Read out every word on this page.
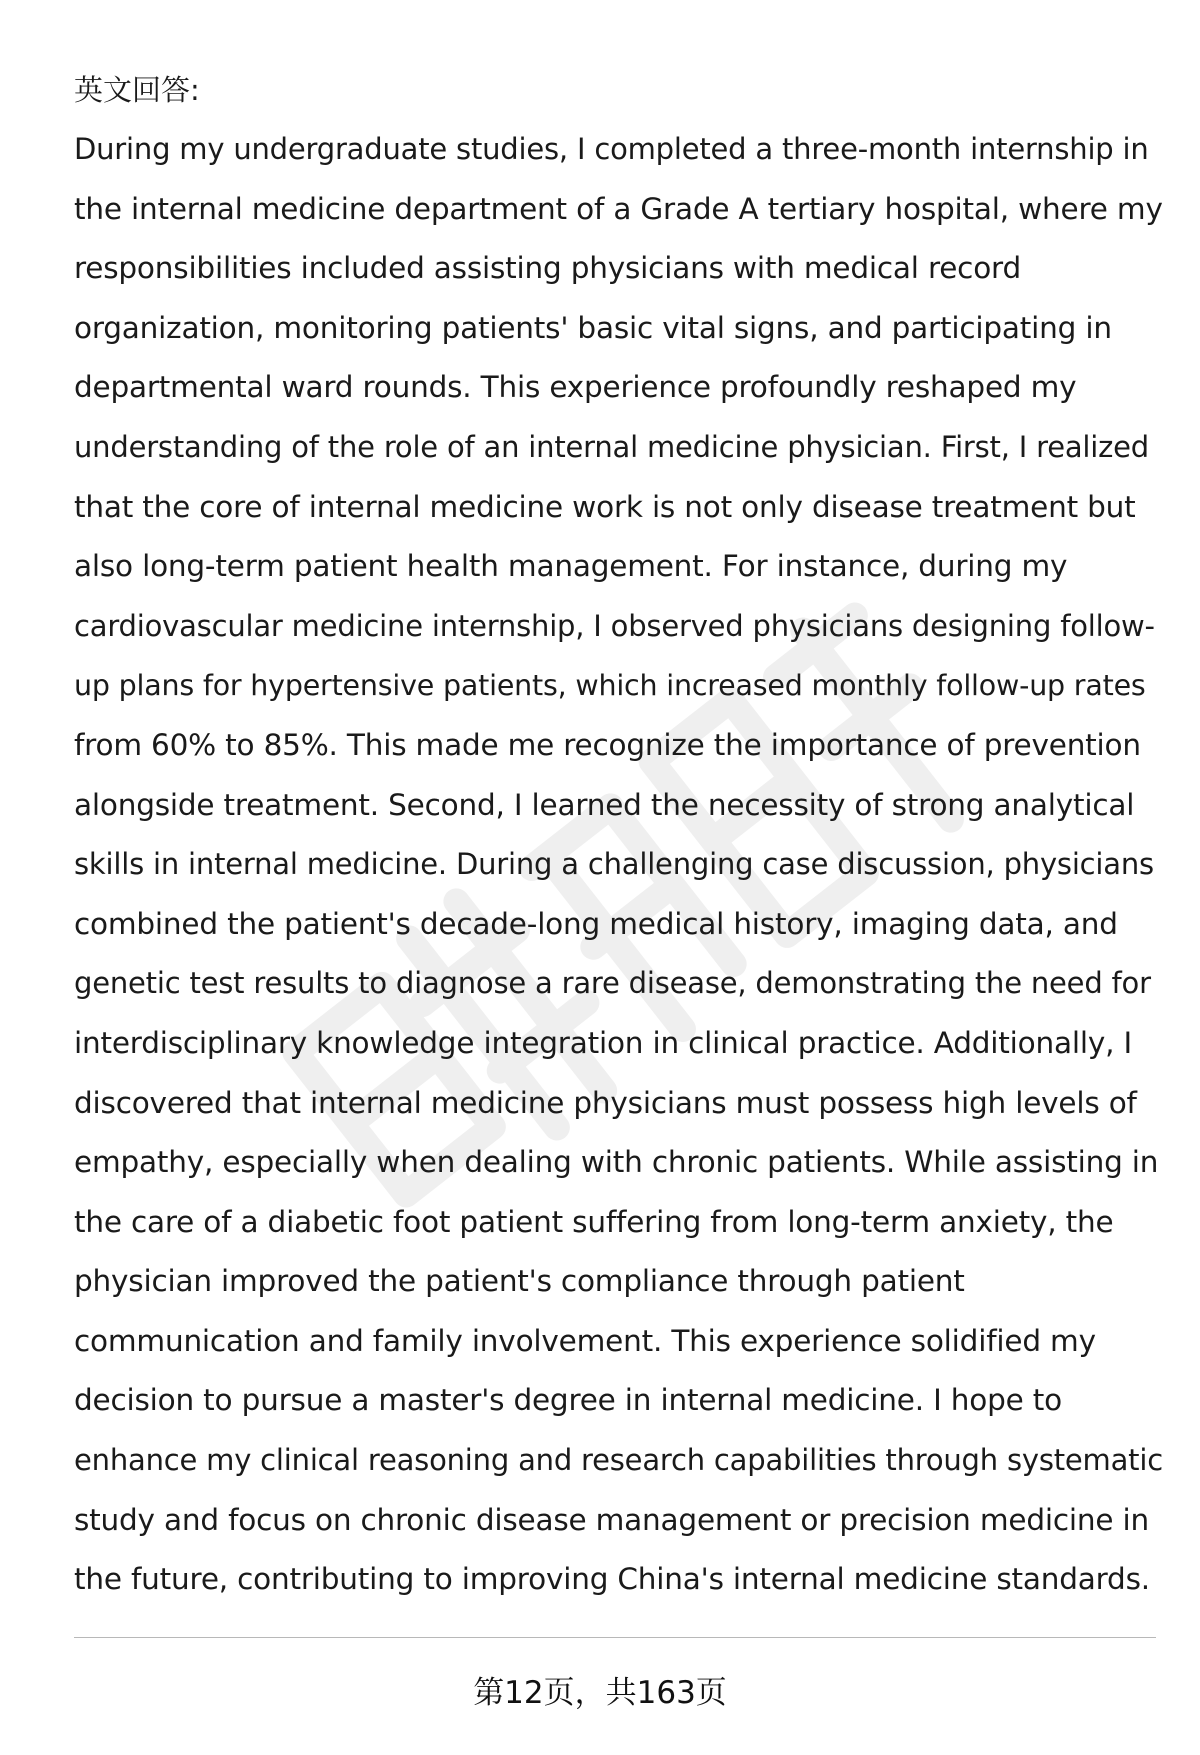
英文回答:
During my undergraduate studies, I completed a three-month internship in
the internal medicine department of a Grade A tertiary hospital, where my
responsibilities included assisting physicians with medical record
organization, monitoring patients' basic vital signs, and participating in
departmental ward rounds. This experience profoundly reshaped my
understanding of the role of an internal medicine physician. First, I realized
that the core of internal medicine work is not only disease treatment but
also long-term patient health management. For instance, during my
cardiovascular medicine internship, I observed physicians designing follow-
up plans for hypertensive patients, which increased monthly follow-up rates
from 60% to 85%. This made me recognize the importance of prevention
alongside treatment. Second, I learned the necessity of strong analytical
skills in internal medicine. During a challenging case discussion, physicians
combined the patient's decade-long medical history, imaging data, and
genetic test results to diagnose a rare disease, demonstrating the need for
interdisciplinary knowledge integration in clinical practice. Additionally, I
discovered that internal medicine physicians must possess high levels of
empathy, especially when dealing with chronic patients. While assisting in
the care of a diabetic foot patient suffering from long-term anxiety, the
physician improved the patient's compliance through patient
communication and family involvement. This experience solidified my
decision to pursue a master's degree in internal medicine. I hope to
enhance my clinical reasoning and research capabilities through systematic
study and focus on chronic disease management or precision medicine in
the future, contributing to improving China's internal medicine standards.
第12页，共163页
